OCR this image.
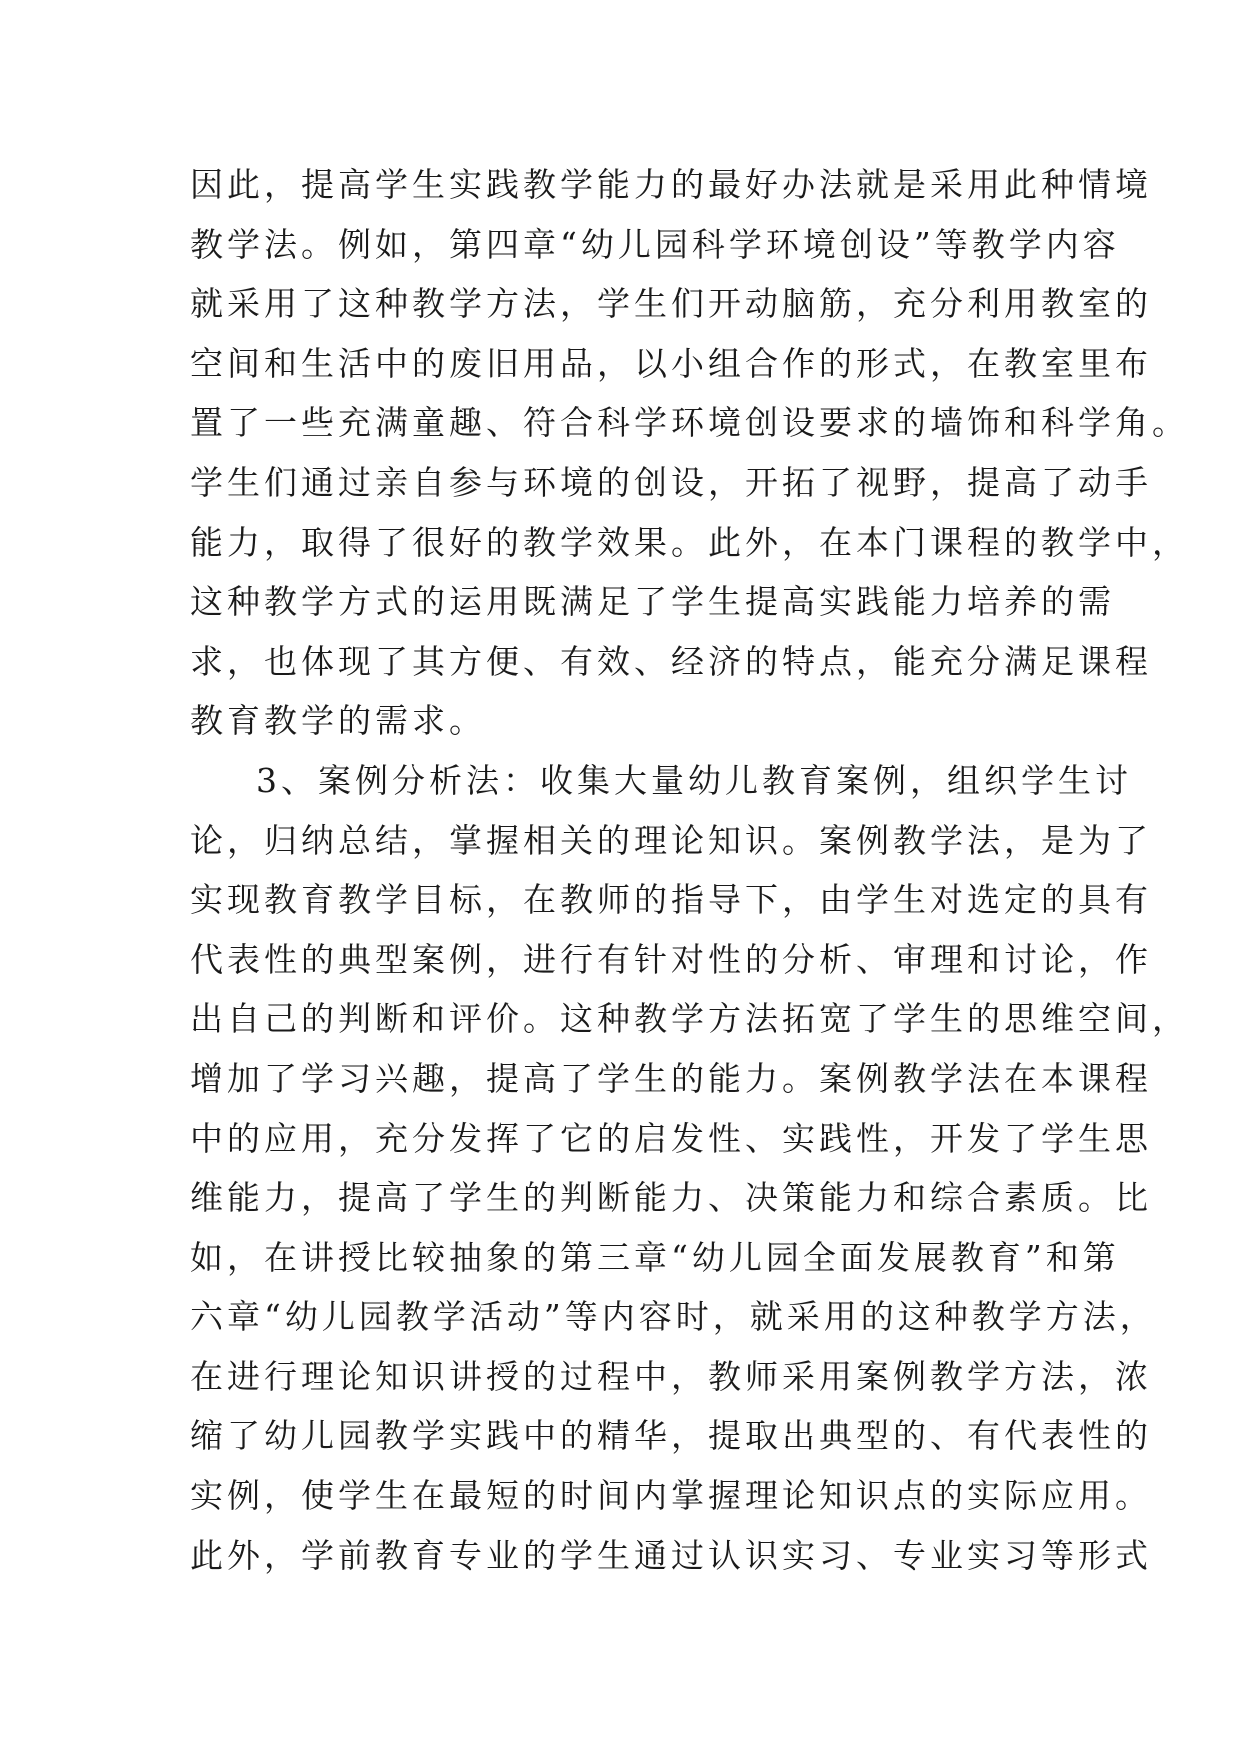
因此，提高学生实践教学能力的最好办法就是采用此种情境
教学法。例如，第四章“幼儿园科学环境创设”等教学内容
就采用了这种教学方法，学生们开动脑筋，充分利用教室的
空间和生活中的废旧用品，以小组合作的形式，在教室里布
置了一些充满童趣、符合科学环境创设要求的墙饰和科学角。
学生们通过亲自参与环境的创设，开拓了视野，提高了动手
能力，取得了很好的教学效果。此外，在本门课程的教学中，
这种教学方式的运用既满足了学生提高实践能力培养的需
求，也体现了其方便、有效、经济的特点，能充分满足课程
教育教学的需求。
3、案例分析法：收集大量幼儿教育案例，组织学生讨
论，归纳总结，掌握相关的理论知识。案例教学法，是为了
实现教育教学目标，在教师的指导下，由学生对选定的具有
代表性的典型案例，进行有针对性的分析、审理和讨论，作
出自己的判断和评价。这种教学方法拓宽了学生的思维空间，
增加了学习兴趣，提高了学生的能力。案例教学法在本课程
中的应用，充分发挥了它的启发性、实践性，开发了学生思
维能力，提高了学生的判断能力、决策能力和综合素质。比
如，在讲授比较抽象的第三章“幼儿园全面发展教育”和第
六章“幼儿园教学活动”等内容时，就采用的这种教学方法，
在进行理论知识讲授的过程中，教师采用案例教学方法，浓
缩了幼儿园教学实践中的精华，提取出典型的、有代表性的
实例，使学生在最短的时间内掌握理论知识点的实际应用。
此外，学前教育专业的学生通过认识实习、专业实习等形式
